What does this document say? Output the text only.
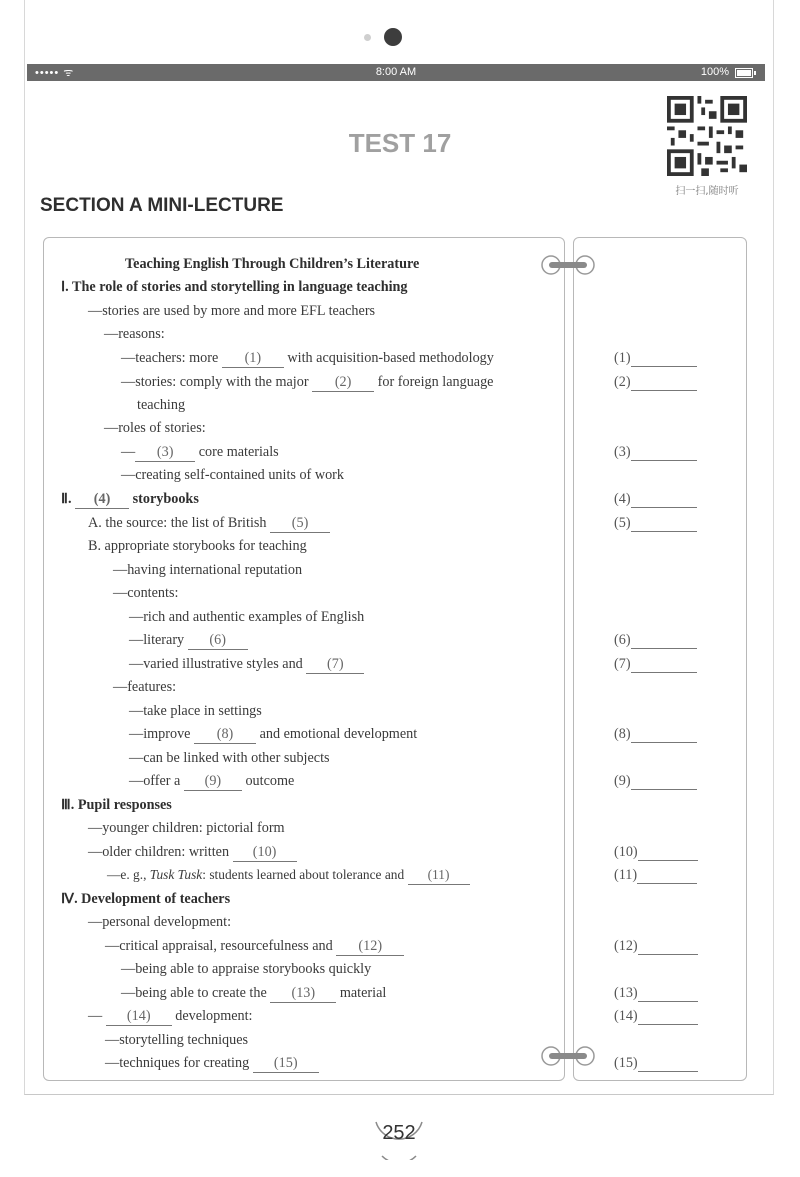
••••• ᯤ	8:00 AM	100%
TEST 17
扫一扫,随时听
SECTION A MINI-LECTURE
Teaching English Through Children’s Literature
Ⅰ. The role of stories and storytelling in language teaching
—stories are used by more and more EFL teachers
—reasons:
—teachers: more (1) with acquisition-based methodology
—stories: comply with the major (2) for foreign language
teaching
—roles of stories:
— (3) core materials
—creating self-contained units of work
Ⅱ. (4) storybooks
A. the source: the list of British (5)
B. appropriate storybooks for teaching
—having international reputation
—contents:
—rich and authentic examples of English
—literary (6)
—varied illustrative styles and (7)
—features:
—take place in settings
—improve (8) and emotional development
—can be linked with other subjects
—offer a (9) outcome
Ⅲ. Pupil responses
—younger children: pictorial form
—older children: written (10)
—e. g., Tusk Tusk: students learned about tolerance and (11)
Ⅳ. Development of teachers
—personal development:
—critical appraisal, resourcefulness and (12)
—being able to appraise storybooks quickly
—being able to create the (13) material
— (14) development:
—storytelling techniques
—techniques for creating (15)
(1)
(2)
(3)
(4)
(5)
(6)
(7)
(8)
(9)
(10)
(11)
(12)
(13)
(14)
(15)
252
